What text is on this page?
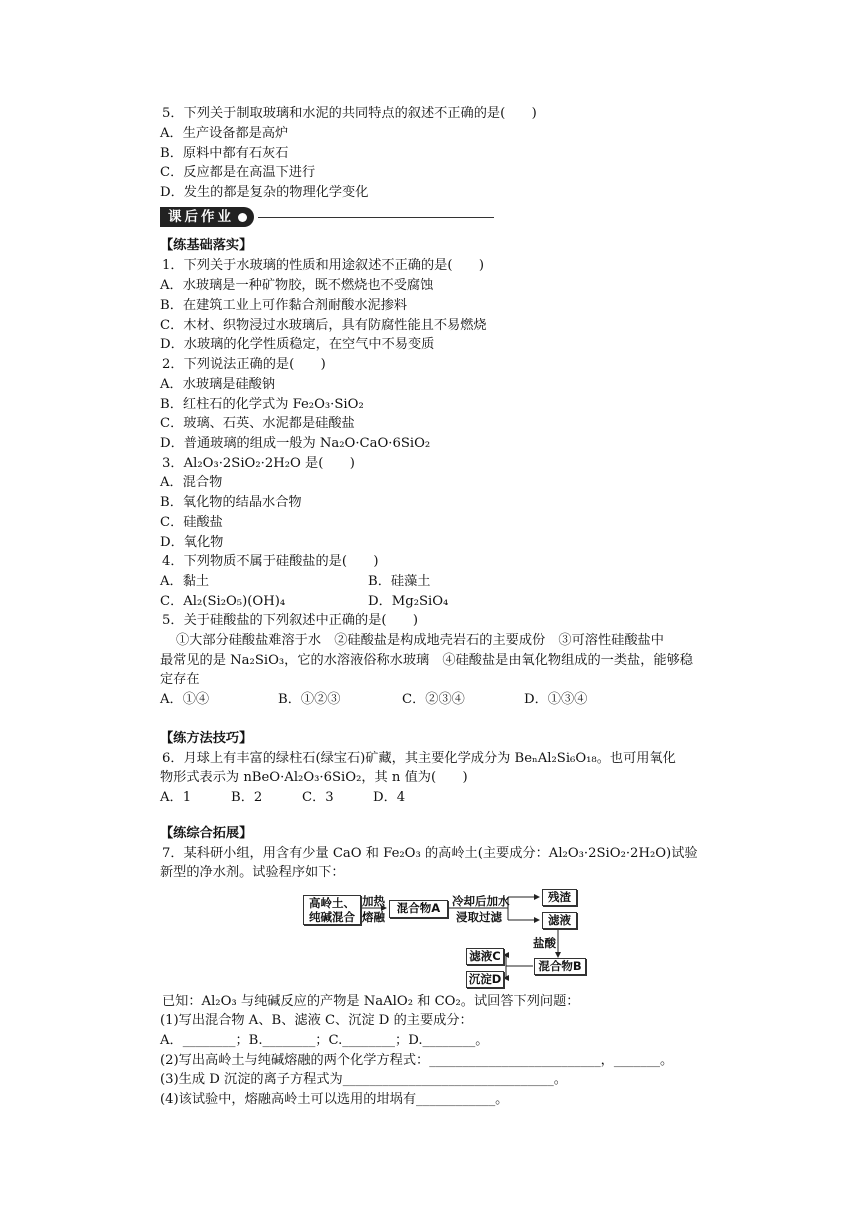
5．下列关于制取玻璃和水泥的共同特点的叙述不正确的是(　　)
A．生产设备都是高炉
B．原料中都有石灰石
C．反应都是在高温下进行
D．发生的都是复杂的物理化学变化
课后作业
【练基础落实】
1．下列关于水玻璃的性质和用途叙述不正确的是(　　)
A．水玻璃是一种矿物胶，既不燃烧也不受腐蚀
B．在建筑工业上可作黏合剂耐酸水泥掺料
C．木材、织物浸过水玻璃后，具有防腐性能且不易燃烧
D．水玻璃的化学性质稳定，在空气中不易变质
2．下列说法正确的是(　　)
A．水玻璃是硅酸钠
B．红柱石的化学式为 Fe₂O₃·SiO₂
C．玻璃、石英、水泥都是硅酸盐
D．普通玻璃的组成一般为 Na₂O·CaO·6SiO₂
3．Al₂O₃·2SiO₂·2H₂O 是(　　)
A．混合物
B．氧化物的结晶水合物
C．硅酸盐
D．氧化物
4．下列物质不属于硅酸盐的是(　　)
A．黏土	B．硅藻土
C．Al₂(Si₂O₅)(OH)₄	D．Mg₂SiO₄
5．关于硅酸盐的下列叙述中正确的是(　　)
①大部分硅酸盐难溶于水　②硅酸盐是构成地壳岩石的主要成份　③可溶性硅酸盐中
最常见的是 Na₂SiO₃，它的水溶液俗称水玻璃　④硅酸盐是由氧化物组成的一类盐，能够稳
定存在
A．①④	B．①②③	C．②③④	D．①③④
【练方法技巧】
6．月球上有丰富的绿柱石(绿宝石)矿藏，其主要化学成分为 BeₙAl₂Si₆O₁₈。也可用氧化
物形式表示为 nBeO·Al₂O₃·6SiO₂，其 n 值为(　　)
A．1	B．2	C．3	D．4
【练综合拓展】
7．某科研小组，用含有少量 CaO 和 Fe₂O₃ 的高岭土(主要成分：Al₂O₃·2SiO₂·2H₂O)试验
新型的净水剂。试验程序如下：
高岭土、
纯碱混合
加热
熔融
混合物A	冷却后加水
浸取过滤
残渣
滤液
盐酸
混合物B
滤液C
沉淀D
已知：Al₂O₃ 与纯碱反应的产物是 NaAlO₂ 和 CO₂。试回答下列问题：
(1)写出混合物 A、B、滤液 C、沉淀 D 的主要成分：
A．________；B.________；C.________；D.________。
(2)写出高岭土与纯碱熔融的两个化学方程式：__________________________，_______。
(3)生成 D 沉淀的离子方程式为________________________________。
(4)该试验中，熔融高岭土可以选用的坩埚有____________。
